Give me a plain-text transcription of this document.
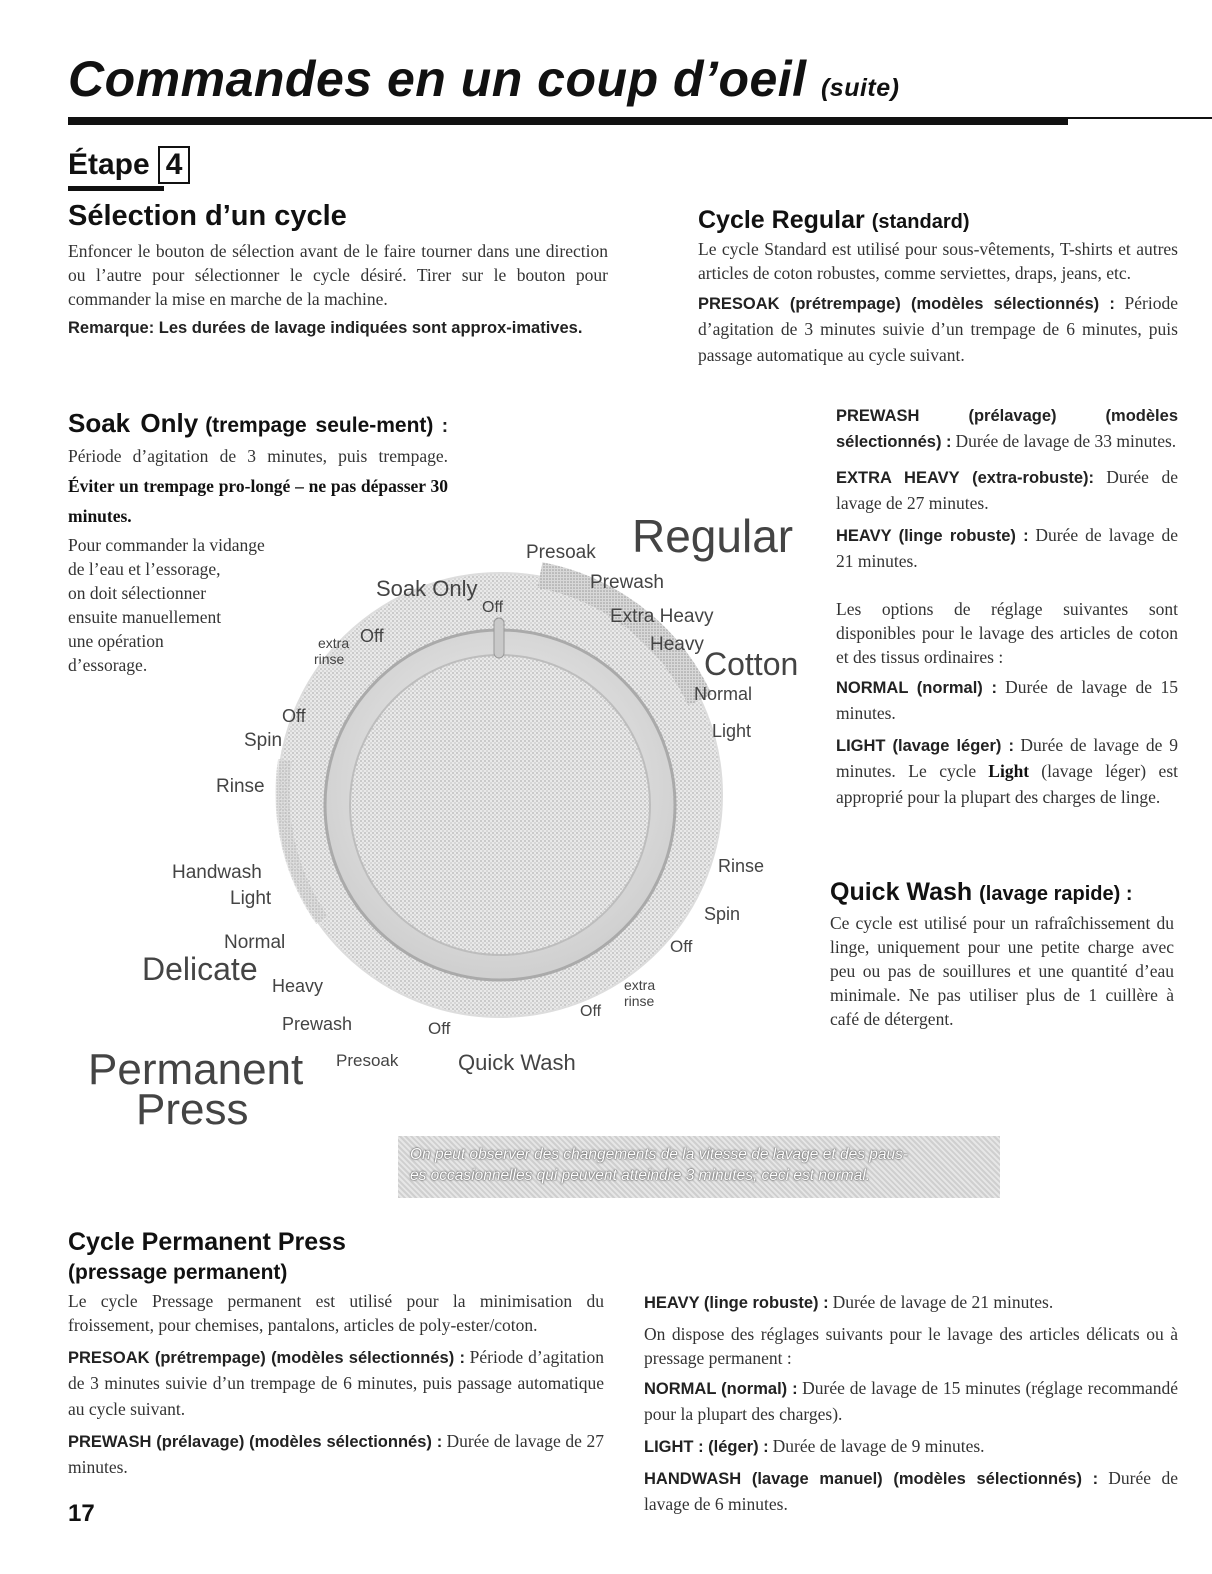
Commandes en un coup d’oeil (suite)
Étape 4
Sélection d’un cycle

Enfoncer le bouton de sélection avant de le faire tourner dans une direction ou l’autre pour sélectionner le cycle désiré. Tirer sur le bouton pour commander la mise en marche de la machine.

Remarque: Les durées de lavage indiquées sont approx-imatives.

Soak Only (trempage seule-ment) : Période d’agitation de 3 minutes, puis trempage. Éviter un trempage pro-longé – ne pas dépasser 30 minutes.
Pour commander la vidange
de l’eau et l’essorage,
on doit sélectionner
ensuite manuellement
une opération
d’essorage.
Cycle Regular (standard)

Le cycle Standard est utilisé pour sous-vêtements, T-shirts et autres articles de coton robustes, comme serviettes, draps, jeans, etc.

PRESOAK (prétrempage) (modèles sélectionnés) : Période d’agitation de 3 minutes suivie d’un trempage de 6 minutes, puis passage automatique au cycle suivant.

PREWASH (prélavage) (modèles sélectionnés) : Durée de lavage de 33 minutes.

EXTRA HEAVY (extra-robuste): Durée de lavage de 27 minutes.

HEAVY (linge robuste) : Durée de lavage de 21 minutes.

Les options de réglage suivantes sont disponibles pour le lavage des articles de coton et des tissus ordinaires :

NORMAL (normal) : Durée de lavage de 15 minutes.

LIGHT (lavage léger) : Durée de lavage de 9 minutes. Le cycle Light (lavage léger) est approprié pour la plupart des charges de linge.

Quick Wash (lavage rapide) :

Ce cycle est utilisé pour un rafraîchissement du linge, uniquement pour une petite charge avec peu ou pas de souillures et une quantité d’eau minimale. Ne pas utiliser plus de 1 cuillère à café de détergent.

Regular
Presoak
Prewash
Extra Heavy
Heavy
Cotton
Normal
Light
Soak Only
Off
extra
rinse
Off
Off
Spin
Rinse
Handwash
Light
Normal
Delicate Heavy
Prewash
Presoak
Off
Quick Wash
Rinse
Spin
Off
extra
rinse
Off
Permanent
Press
On peut observer des changements de la vitesse de lavage et des paus-
es occasionnelles qui peuvent atteindre 3 minutes; ceci est normal.
Cycle Permanent Press
(pressage permanent)

Le cycle Pressage permanent est utilisé pour la minimisation du froissement, pour chemises, pantalons, articles de poly-ester/coton.

PRESOAK (prétrempage) (modèles sélectionnés) : Période d’agitation de 3 minutes suivie d’un trempage de 6 minutes, puis passage automatique au cycle suivant.

PREWASH (prélavage) (modèles sélectionnés) : Durée de lavage de 27 minutes.

HEAVY (linge robuste) : Durée de lavage de 21 minutes.

On dispose des réglages suivants pour le lavage des articles délicats ou à pressage permanent :

NORMAL (normal) : Durée de lavage de 15 minutes (réglage recommandé pour la plupart des charges).

LIGHT : (léger) : Durée de lavage de 9 minutes.

HANDWASH (lavage manuel) (modèles sélectionnés) : Durée de lavage de 6 minutes.

17
